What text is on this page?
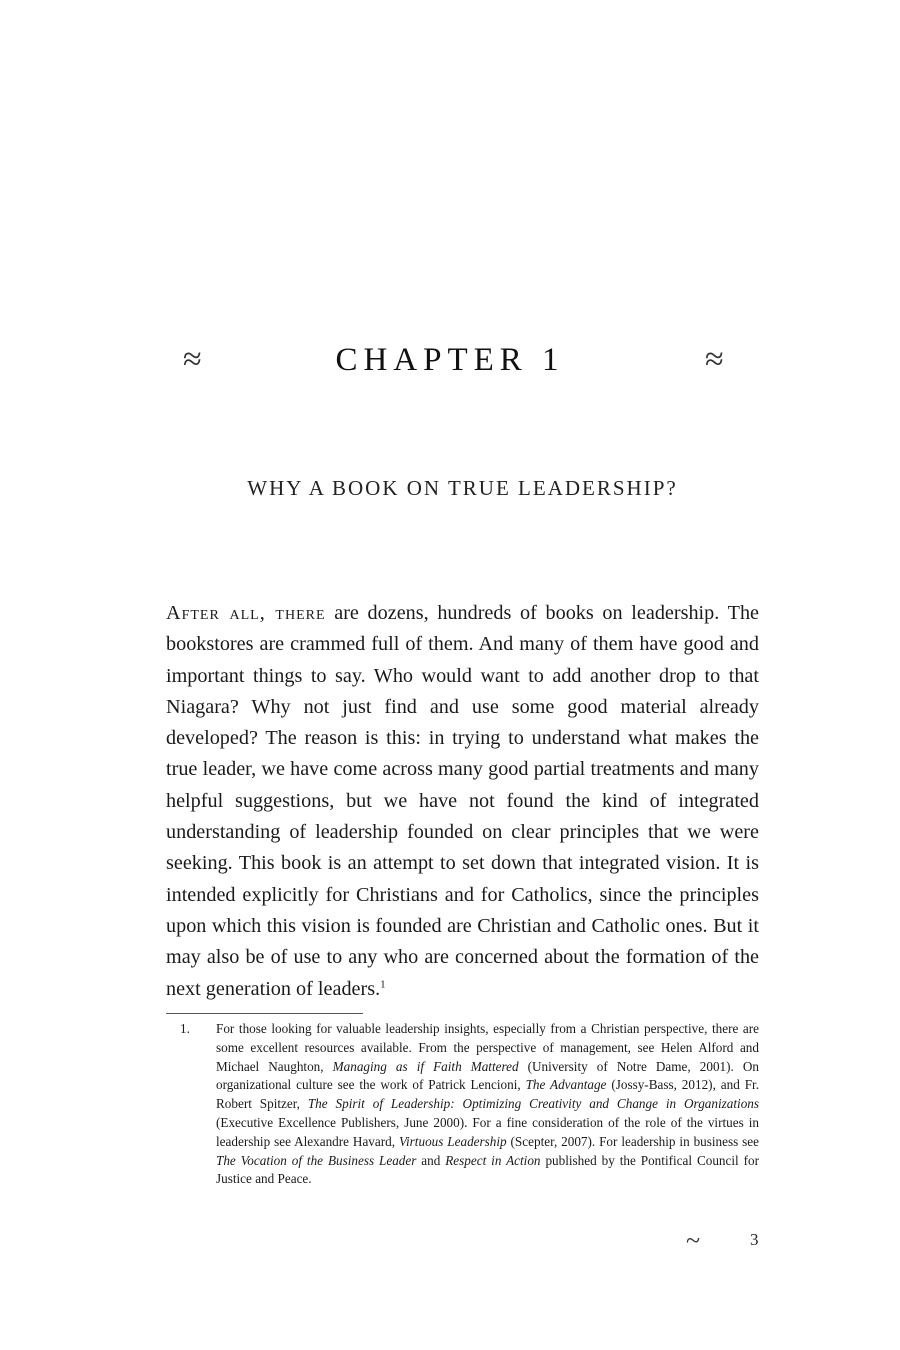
≈	CHAPTER 1	≈
WHY A BOOK ON TRUE LEADERSHIP?
After all, there are dozens, hundreds of books on leadership. The bookstores are crammed full of them. And many of them have good and important things to say. Who would want to add another drop to that Niagara? Why not just find and use some good material already developed? The reason is this: in trying to understand what makes the true leader, we have come across many good partial treatments and many helpful suggestions, but we have not found the kind of integrated understanding of leadership founded on clear principles that we were seeking. This book is an attempt to set down that integrated vision. It is intended explicitly for Christians and for Catholics, since the principles upon which this vision is founded are Christian and Catholic ones. But it may also be of use to any who are concerned about the formation of the next generation of leaders.$^1$
1. For those looking for valuable leadership insights, especially from a Christian perspective, there are some excellent resources available. From the perspective of management, see Helen Alford and Michael Naughton, Managing as if Faith Mattered (University of Notre Dame, 2001). On organizational culture see the work of Patrick Lencioni, The Advantage (Jossy-Bass, 2012), and Fr. Robert Spitzer, The Spirit of Leadership: Optimizing Creativity and Change in Organizations (Executive Excellence Publishers, June 2000). For a fine consideration of the role of the virtues in leadership see Alexandre Havard, Virtuous Leadership (Scepter, 2007). For leadership in business see The Vocation of the Business Leader and Respect in Action published by the Pontifical Council for Justice and Peace.
~	3
